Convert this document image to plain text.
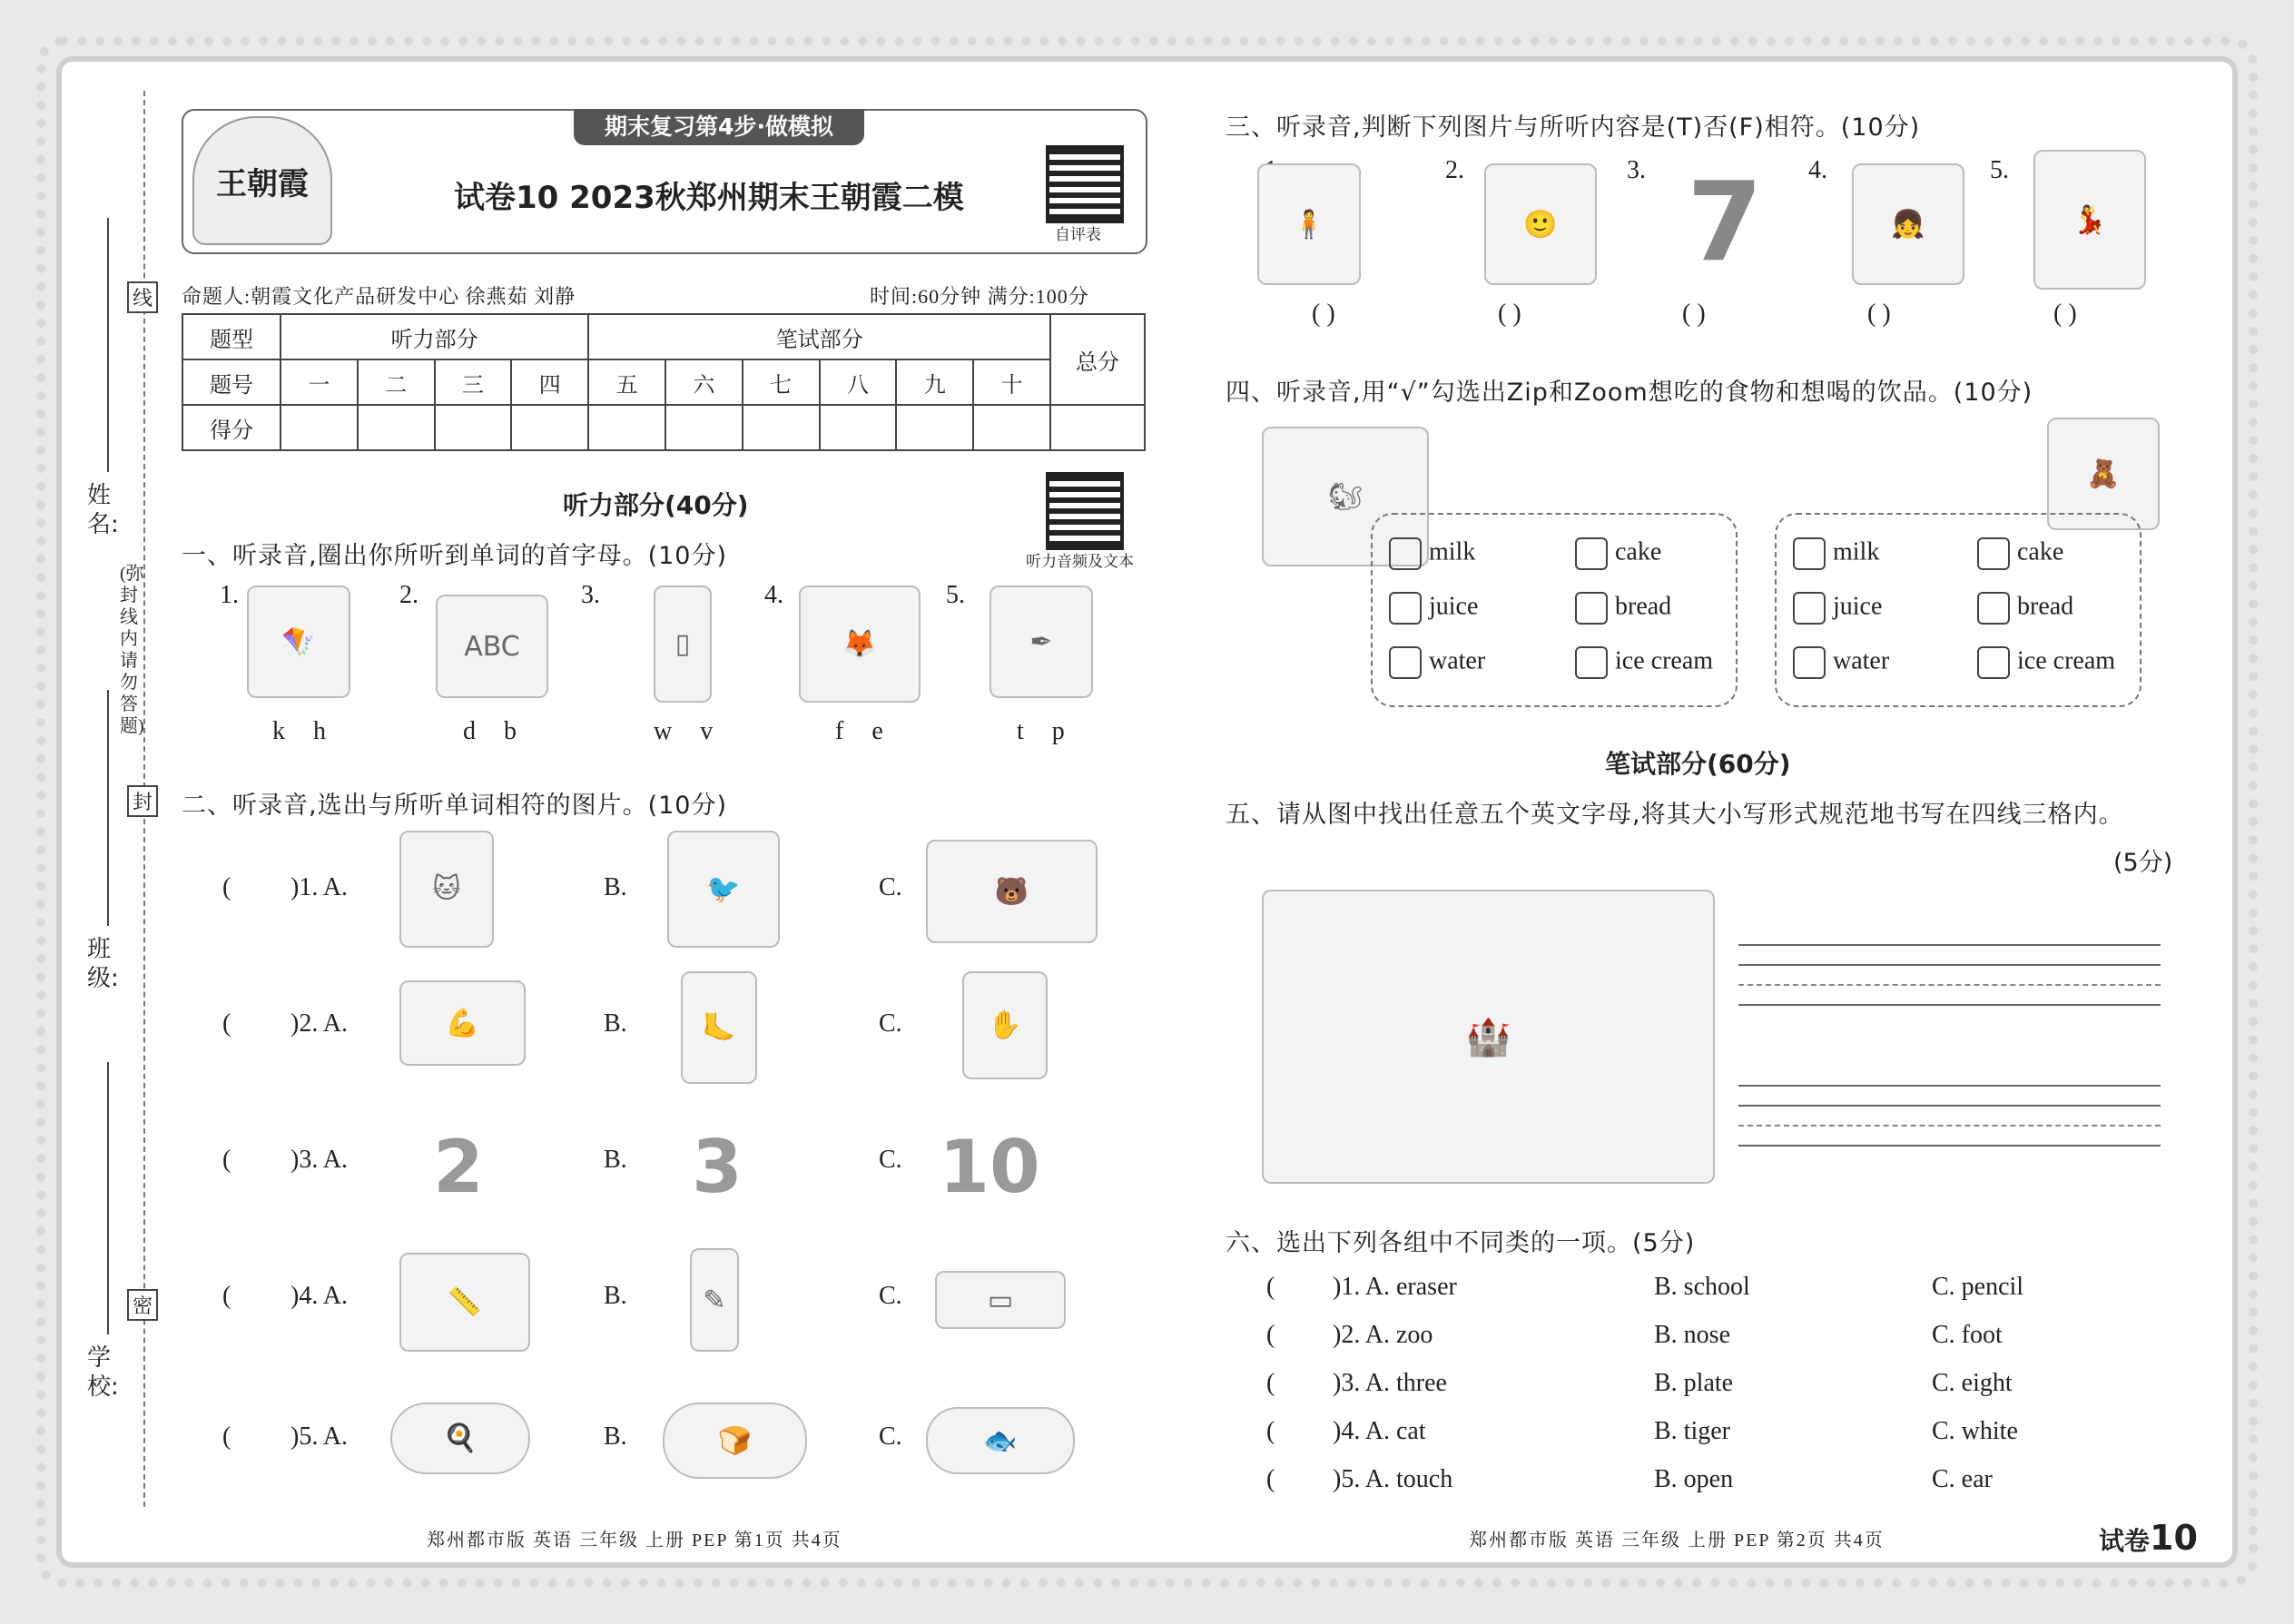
线
封
密
(弥封线内请勿答题)
姓名:
班级:
学校:
王朝霞
期末复习第4步·做模拟
试卷10 2023秋郑州期末王朝霞二模
自评表
命题人:朝霞文化产品研发中心 徐燕茹 刘静	时间:60分钟 满分:100分
题型	听力部分				笔试部分						总分
题号	一	二	三	四	五	六	七	八	九	十	
得分											
听力部分(40分)
听力音频及文本
一、听录音,圈出你所听到单词的首字母。(10分)
1.
🪁
k h
2.
ABC
d b
3.
▯
w v
4.
🦊
f e
5.
✒
t p
二、听录音,选出与所听单词相符的图片。(10分)
( )1. A.	🐱	B.	🐦	C.	🐻
( )2. A.	💪	B.	🦶	C.	✋
( )3. A. 2	B. 3	C. 10
( )4. A.	📏	B.	✎	C.	▭
( )5. A.	🍳	B.	🍞	C.	🐟
郑州都市版 英语 三年级 上册 PEP 第1页 共4页
三、听录音,判断下列图片与所听内容是(T)否(F)相符。(10分)
🧍
( )
2.
🙂
( )
3. 7
( )
4.
👧
( )
5.
💃
( )
四、听录音,用“√”勾选出Zip和Zoom想吃的食物和想喝的饮品。(10分)
🐿
🧸
milk	cake
juice	bread
water	ice cream
milk	cake
juice	bread
water	ice cream
笔试部分(60分)
五、请从图中找出任意五个英文字母,将其大小写形式规范地书写在四线三格内。
(5分)
🏰
六、选出下列各组中不同类的一项。(5分)
( )1. A. eraser	B. school	C. pencil
( )2. A. zoo	B. nose	C. foot
( )3. A. three	B. plate	C. eight
( )4. A. cat	B. tiger	C. white
( )5. A. touch	B. open	C. ear
郑州都市版 英语 三年级 上册 PEP 第2页 共4页	试卷10
